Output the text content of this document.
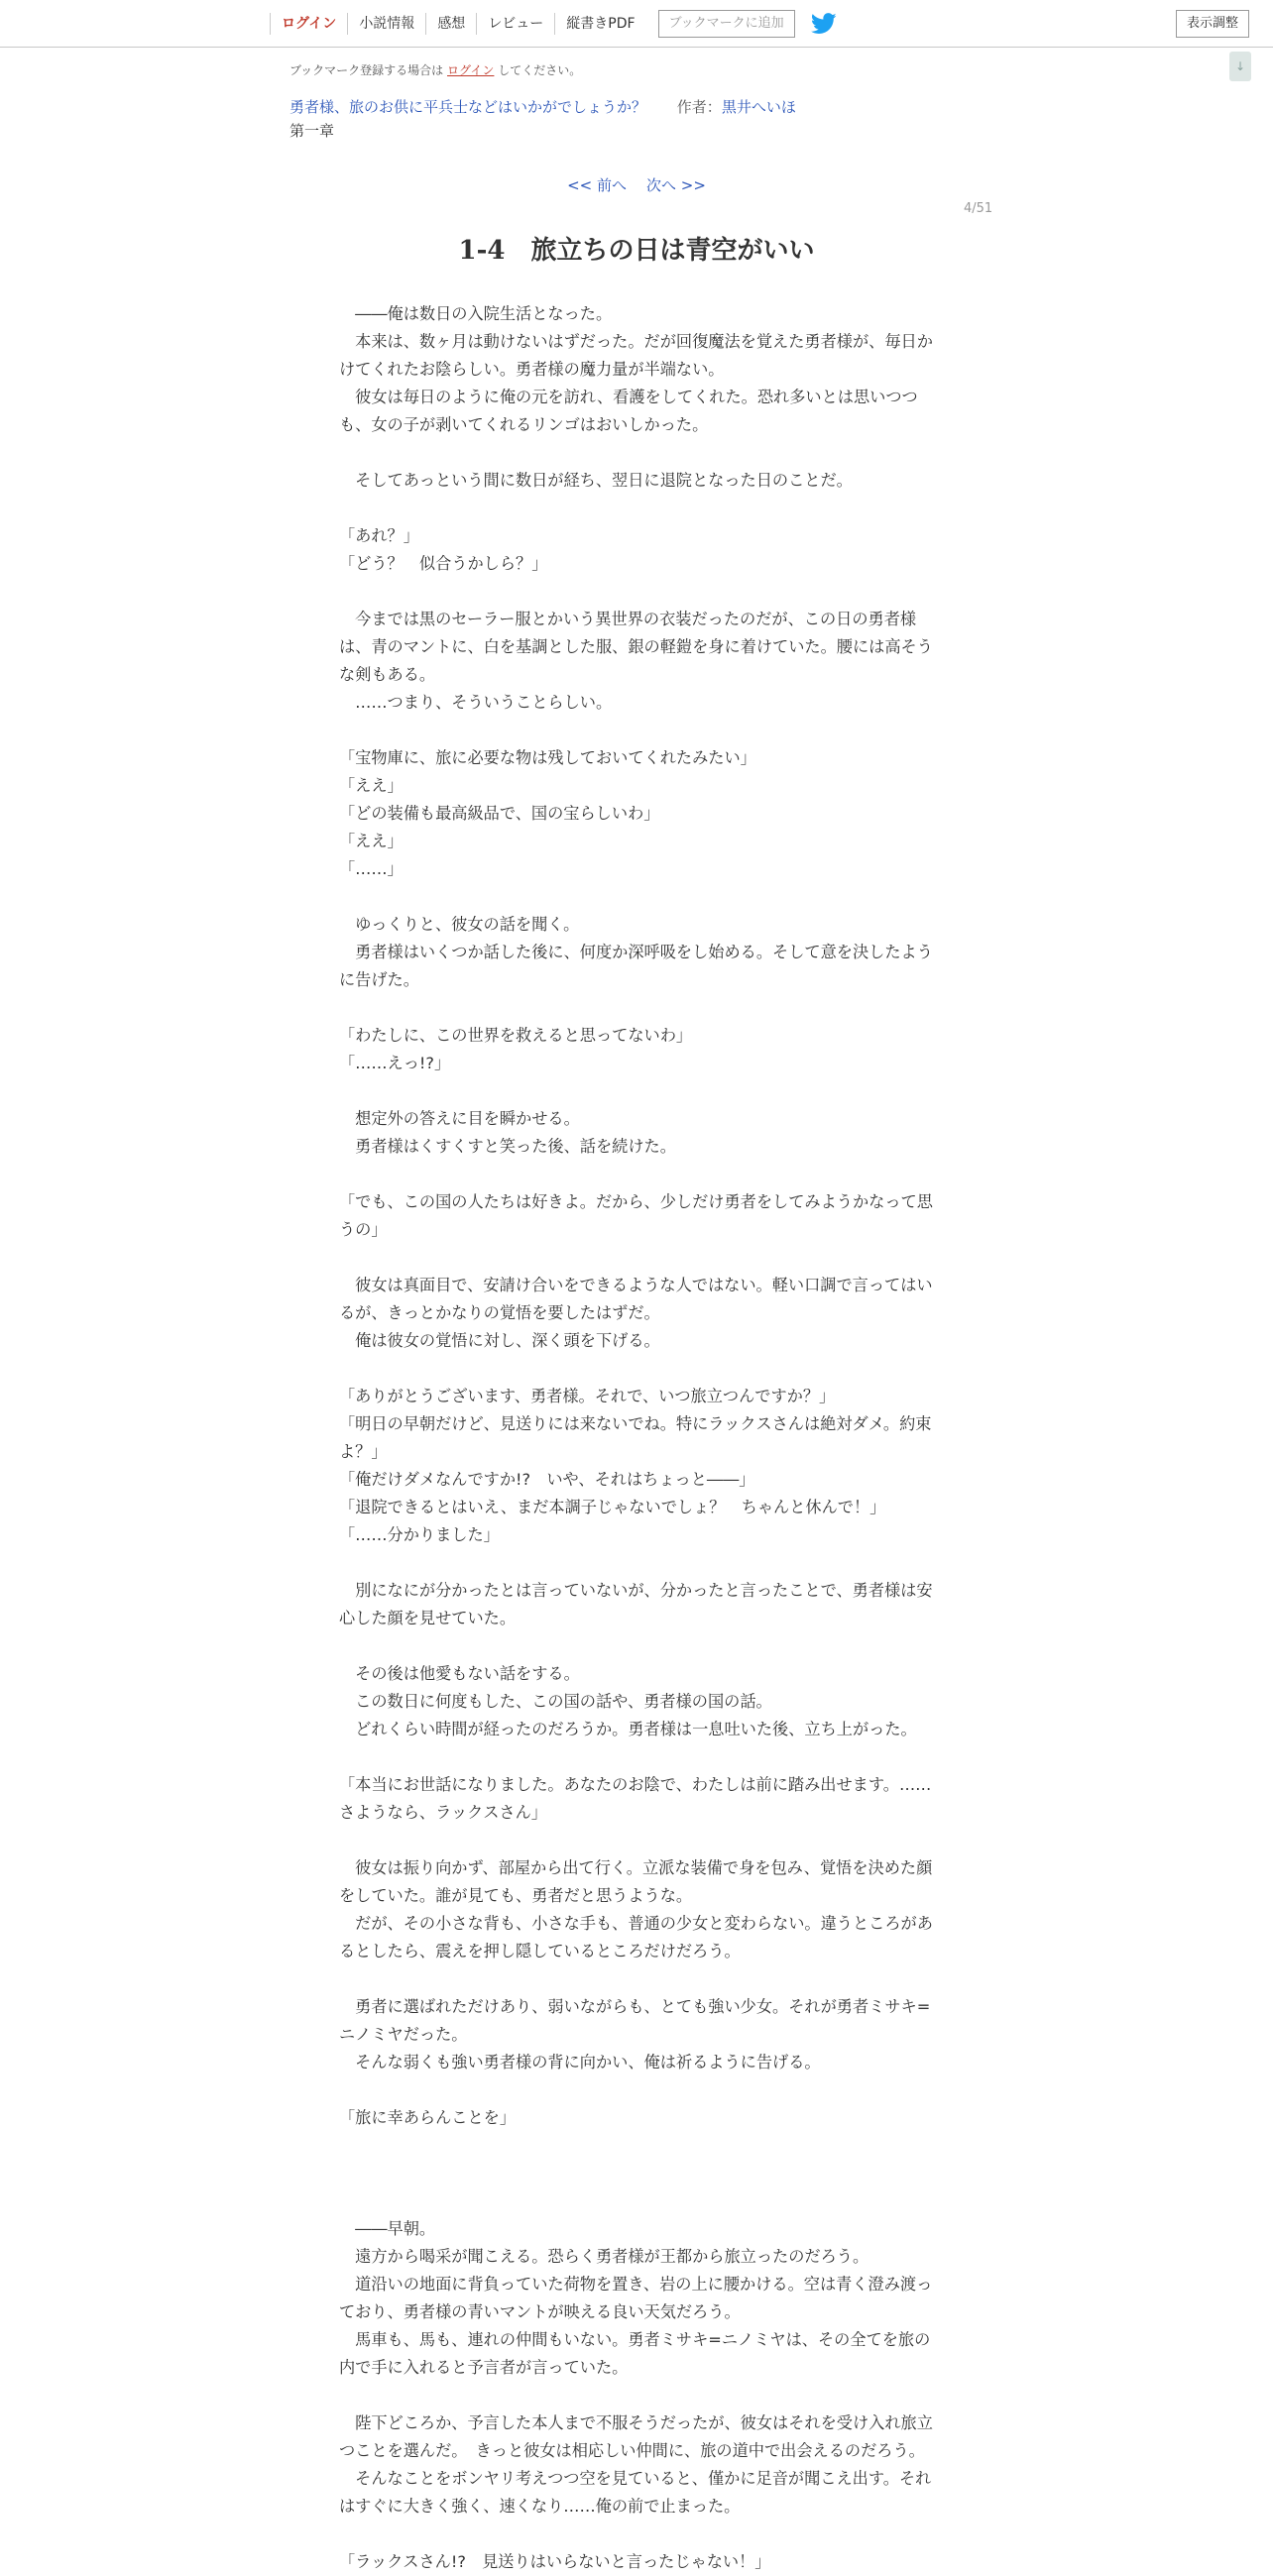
ログイン	小説情報	感想	レビュー	縦書きPDF	ブックマークに追加	表示調整
↓
ブックマーク登録する場合は ログイン してください。
勇者様、旅のお供に平兵士などはいかがでしょうか？ 作者：黒井へいほ
第一章
<< 前へ 次へ >>
4/51
1-4　旅立ちの日は青空がいい

　――俺は数日の入院生活となった。

　本来は、数ヶ月は動けないはずだった。だが回復魔法を覚えた勇者様が、毎日かけてくれたお陰らしい。勇者様の魔力量が半端ない。

　彼女は毎日のように俺の元を訪れ、看護をしてくれた。恐れ多いとは思いつつも、女の子が剥いてくれるリンゴはおいしかった。

　そしてあっという間に数日が経ち、翌日に退院となった日のことだ。

「あれ？」

「どう？　似合うかしら？」

　今までは黒のセーラー服とかいう異世界の衣装だったのだが、この日の勇者様は、青のマントに、白を基調とした服、銀の軽鎧を身に着けていた。腰には高そうな剣もある。

　……つまり、そういうことらしい。

「宝物庫に、旅に必要な物は残しておいてくれたみたい」

「ええ」

「どの装備も最高級品で、国の宝らしいわ」

「ええ」

「……」

　ゆっくりと、彼女の話を聞く。

　勇者様はいくつか話した後に、何度か深呼吸をし始める。そして意を決したように告げた。

「わたしに、この世界を救えると思ってないわ」

「……えっ!?」

　想定外の答えに目を瞬かせる。

　勇者様はくすくすと笑った後、話を続けた。

「でも、この国の人たちは好きよ。だから、少しだけ勇者をしてみようかなって思うの」

　彼女は真面目で、安請け合いをできるような人ではない。軽い口調で言ってはいるが、きっとかなりの覚悟を要したはずだ。

　俺は彼女の覚悟に対し、深く頭を下げる。

「ありがとうございます、勇者様。それで、いつ旅立つんですか？」

「明日の早朝だけど、見送りには来ないでね。特にラックスさんは絶対ダメ。約束よ？」

「俺だけダメなんですか!?　いや、それはちょっと――」

「退院できるとはいえ、まだ本調子じゃないでしょ？　ちゃんと休んで！」

「……分かりました」

　別になにが分かったとは言っていないが、分かったと言ったことで、勇者様は安心した顔を見せていた。

　その後は他愛もない話をする。

　この数日に何度もした、この国の話や、勇者様の国の話。

　どれくらい時間が経ったのだろうか。勇者様は一息吐いた後、立ち上がった。

「本当にお世話になりました。あなたのお陰で、わたしは前に踏み出せます。……さようなら、ラックスさん」

　彼女は振り向かず、部屋から出て行く。立派な装備で身を包み、覚悟を決めた顔をしていた。誰が見ても、勇者だと思うような。

　だが、その小さな背も、小さな手も、普通の少女と変わらない。違うところがあるとしたら、震えを押し隠しているところだけだろう。

　勇者に選ばれただけあり、弱いながらも、とても強い少女。それが勇者ミサキ=ニノミヤだった。

　そんな弱くも強い勇者様の背に向かい、俺は祈るように告げる。

「旅に幸あらんことを」

　――早朝。

　遠方から喝采が聞こえる。恐らく勇者様が王都から旅立ったのだろう。

　道沿いの地面に背負っていた荷物を置き、岩の上に腰かける。空は青く澄み渡っており、勇者様の青いマントが映える良い天気だろう。

　馬車も、馬も、連れの仲間もいない。勇者ミサキ=ニノミヤは、その全てを旅の内で手に入れると予言者が言っていた。

　陛下どころか、予言した本人まで不服そうだったが、彼女はそれを受け入れ旅立つことを選んだ。　きっと彼女は相応しい仲間に、旅の道中で出会えるのだろう。

　そんなことをボンヤリ考えつつ空を見ていると、僅かに足音が聞こえ出す。それはすぐに大きく強く、速くなり……俺の前で止まった。

「ラックスさん!?　見送りはいらないと言ったじゃない！」
